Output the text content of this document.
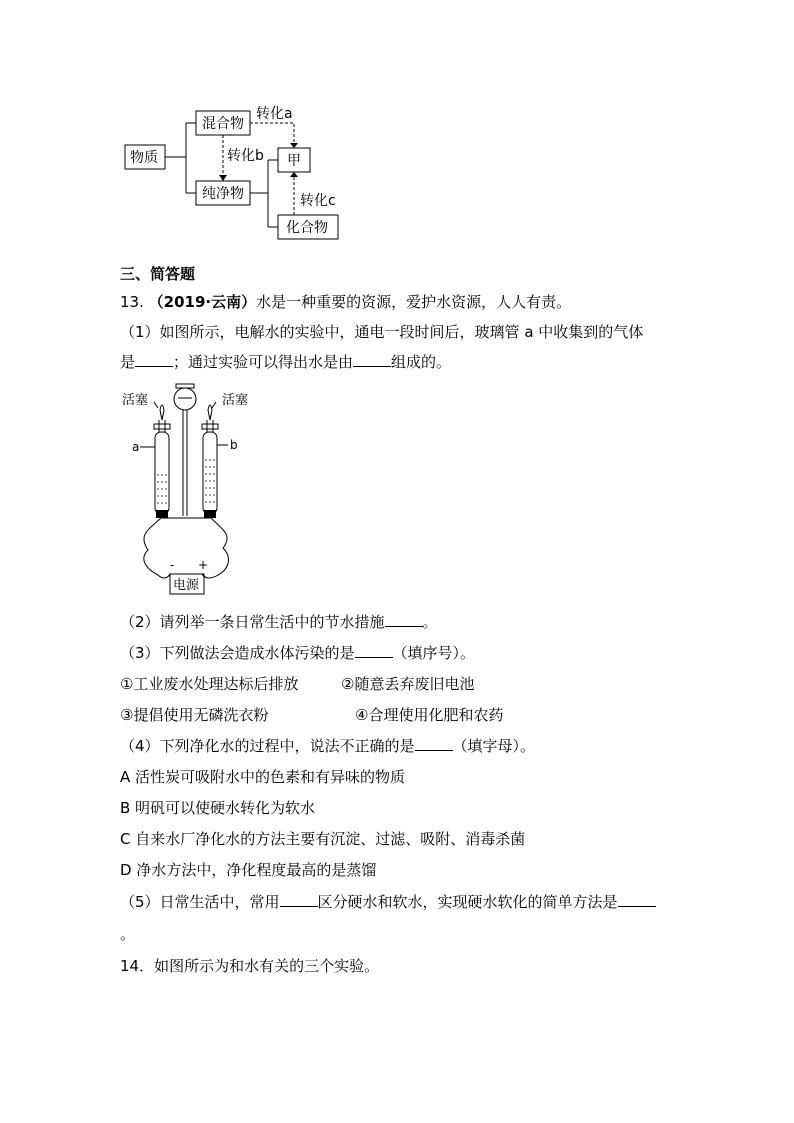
物质
混合物
纯净物
甲
化合物
转化a
转化b
转化c
三、简答题
13. （2019·云南）水是一种重要的资源，爱护水资源，人人有责。
（1）如图所示，电解水的实验中，通电一段时间后，玻璃管 a 中收集到的气体
是	；通过实验可以得出水是由	组成的。
活塞	活塞
a	b
- +
电源
（2）请列举一条日常生活中的节水措施	。
（3）下列做法会造成水体污染的是	（填序号）。
①工业废水处理达标后排放	②随意丢弃废旧电池
③提倡使用无磷洗衣粉	④合理使用化肥和农药
（4）下列净化水的过程中，说法不正确的是	（填字母）。
A 活性炭可吸附水中的色素和有异味的物质
B 明矾可以使硬水转化为软水
C 自来水厂净化水的方法主要有沉淀、过滤、吸附、消毒杀菌
D 净水方法中，净化程度最高的是蒸馏
（5）日常生活中，常用	区分硬水和软水，实现硬水软化的简单方法是
。
14．如图所示为和水有关的三个实验。
